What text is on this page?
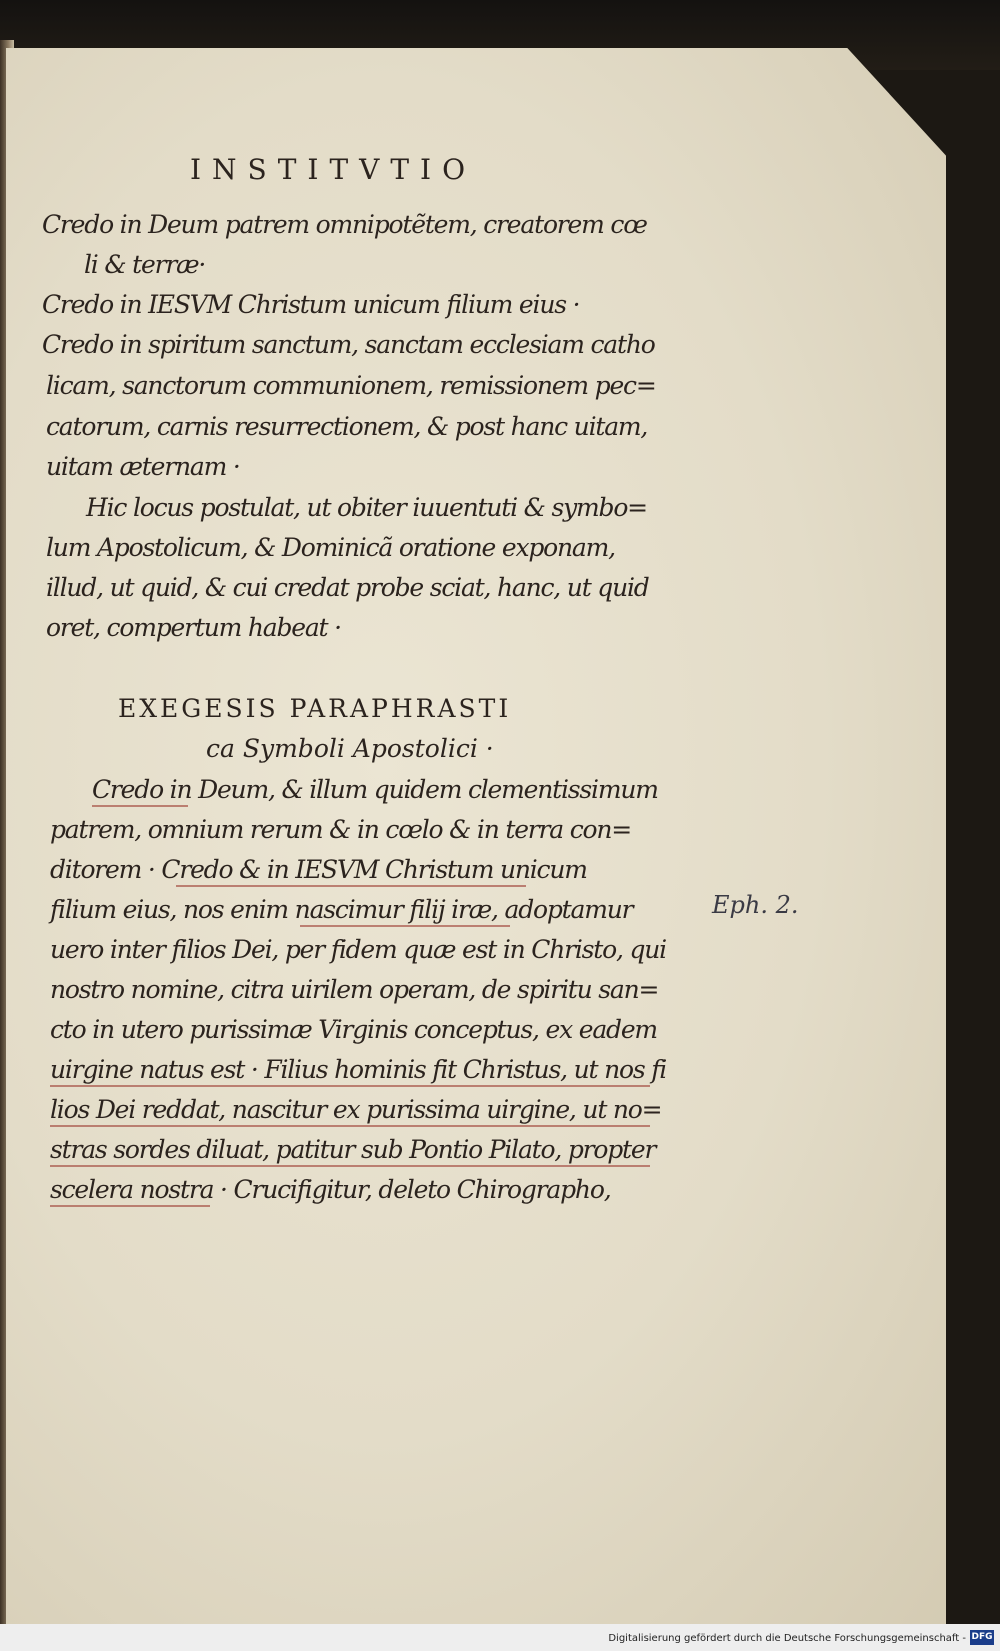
INSTITVTIO
Credo in Deum patrem omnipotẽtem, creatorem cœ
li & terræ·
Credo in IESVM Christum unicum filium eius ·
Credo in spiritum sanctum, sanctam ecclesiam catho
licam, sanctorum communionem, remissionem pec=
catorum, carnis resurrectionem, & post hanc uitam,
uitam æternam ·
Hic locus postulat, ut obiter iuuentuti & symbo=
lum Apostolicum, & Dominicã oratione exponam,
illud, ut quid, & cui credat probe sciat, hanc, ut quid
oret, compertum habeat ·
EXEGESIS PARAPHRASTI
ca Symboli Apostolici ·
Credo in Deum, & illum quidem clementissimum
patrem, omnium rerum & in cœlo & in terra con=
ditorem · Credo & in IESVM Christum unicum
filium eius, nos enim nascimur filij iræ, adoptamur
uero inter filios Dei, per fidem quæ est in Christo, qui
nostro nomine, citra uirilem operam, de spiritu san=
cto in utero purissimæ Virginis conceptus, ex eadem
uirgine natus est · Filius hominis fit Christus, ut nos fi
lios Dei reddat, nascitur ex purissima uirgine, ut no=
stras sordes diluat, patitur sub Pontio Pilato, propter
scelera nostra · Crucifigitur, deleto Chirographo,
Eph. 2.
Digitalisierung gefördert durch die Deutsche Forschungsgemeinschaft - DFG
